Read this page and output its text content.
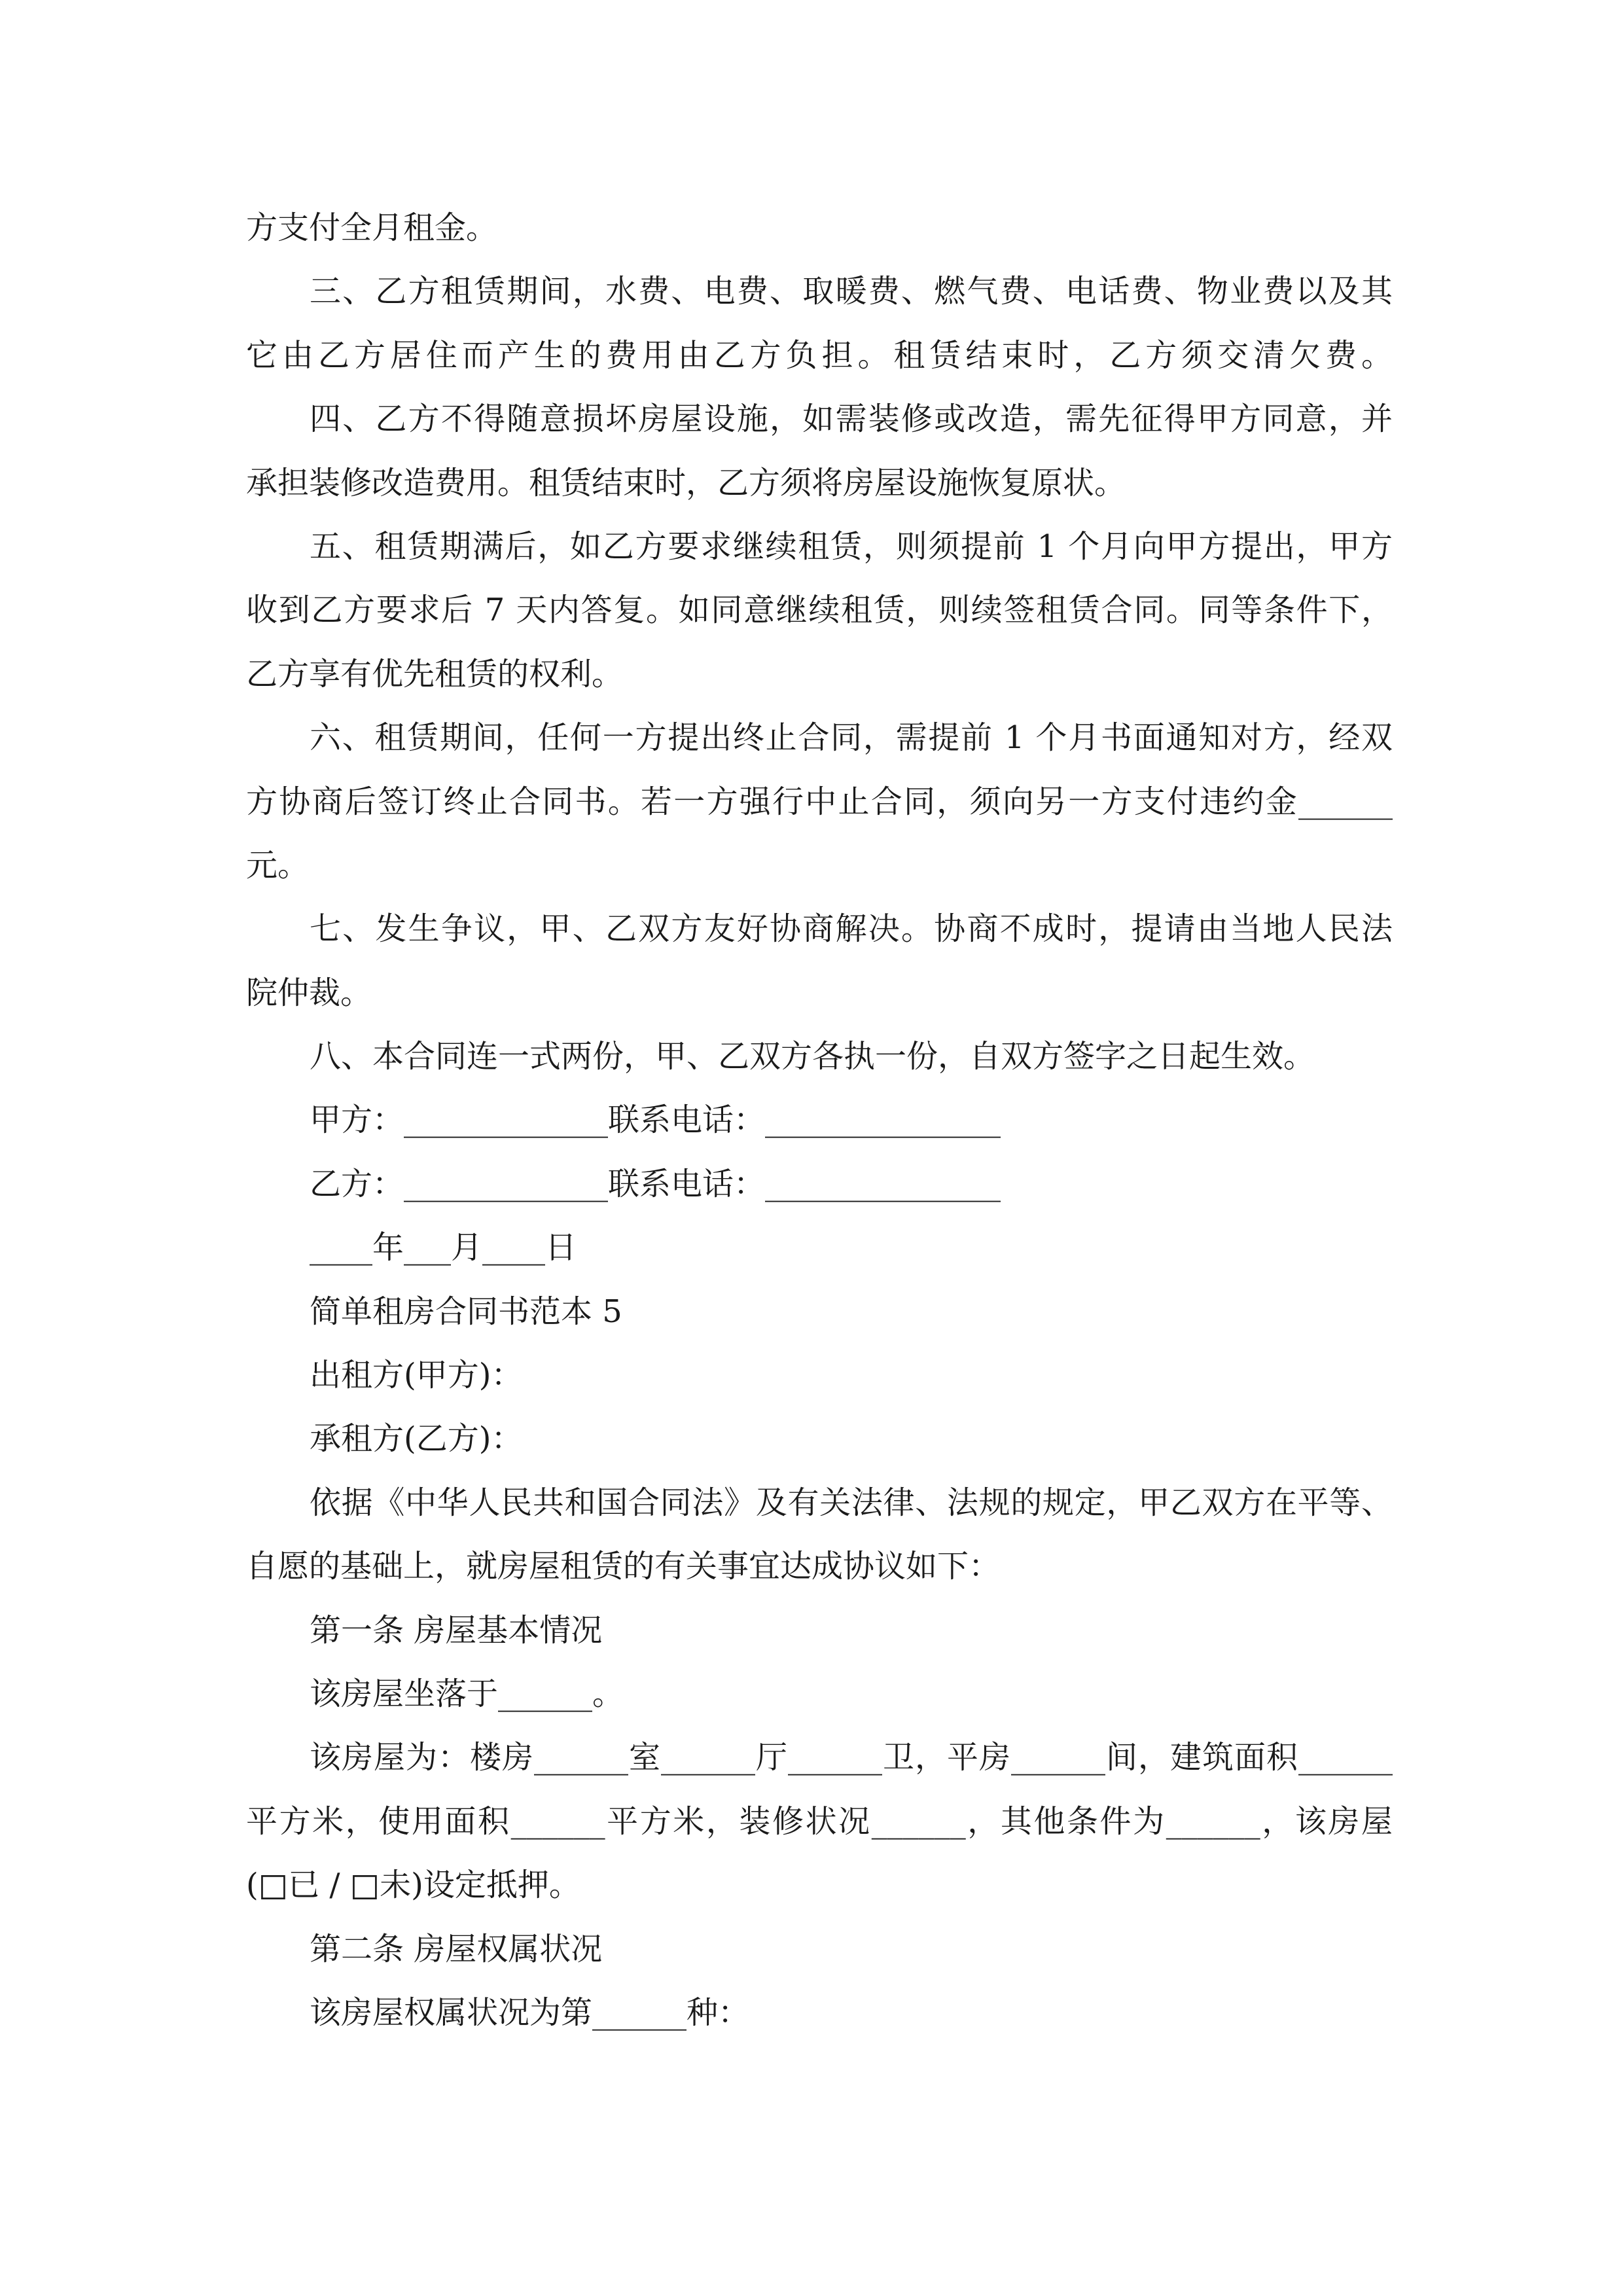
方支付全月租金。
三、乙方租赁期间，水费、电费、取暖费、燃气费、电话费、物业费以及其
它由乙方居住而产生的费用由乙方负担。租赁结束时，乙方须交清欠费。
四、乙方不得随意损坏房屋设施，如需装修或改造，需先征得甲方同意，并
承担装修改造费用。租赁结束时，乙方须将房屋设施恢复原状。
五、租赁期满后，如乙方要求继续租赁，则须提前 1 个月向甲方提出，甲方
收到乙方要求后 7 天内答复。如同意继续租赁，则续签租赁合同。同等条件下，
乙方享有优先租赁的权利。
六、租赁期间，任何一方提出终止合同，需提前 1 个月书面通知对方，经双
方协商后签订终止合同书。若一方强行中止合同，须向另一方支付违约金______
元。
七、发生争议，甲、乙双方友好协商解决。协商不成时，提请由当地人民法
院仲裁。
八、本合同连一式两份，甲、乙双方各执一份，自双方签字之日起生效。
甲方：_____________联系电话：_______________
乙方：_____________联系电话：_______________
____年___月____日
简单租房合同书范本 5
出租方(甲方)：
承租方(乙方)：
依据《中华人民共和国合同法》及有关法律、法规的规定，甲乙双方在平等、
自愿的基础上，就房屋租赁的有关事宜达成协议如下：
第一条 房屋基本情况
该房屋坐落于______。
该房屋为：楼房______室______厅______卫，平房______间，建筑面积______
平方米，使用面积______平方米，装修状况______，其他条件为______，该房屋
(□已 / □未)设定抵押。
第二条 房屋权属状况
该房屋权属状况为第______种：
